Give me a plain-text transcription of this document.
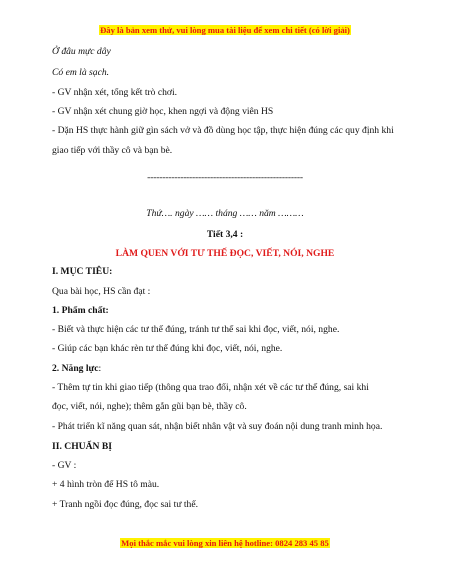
Đây là bản xem thử, vui lòng mua tài liệu để xem chi tiết (có lời giải)
Ở đâu mực dây
Có em là sạch.
- GV nhận xét, tổng kết trò chơi.
- GV nhận xét chung giờ học, khen ngợi và động viên HS
- Dặn HS thực hành giữ gìn sách vở và đồ dùng học tập, thực hiện đúng các quy định khi
giao tiếp với thầy cô và bạn bè.
----------------------------------------------------
Thứ…. ngày …… tháng …… năm ………
Tiết 3,4 :
LÀM QUEN VỚI TƯ THẾ ĐỌC, VIẾT, NÓI, NGHE
I. MỤC TIÊU:
Qua bài học, HS cần đạt :
1. Phẩm chất:
- Biết và thực hiện các tư thế đúng, tránh tư thế sai khi đọc, viết, nói, nghe.
- Giúp các bạn khác rèn tư thế đúng khi đọc, viết, nói, nghe.
2. Năng lực:
- Thêm tự tin khi giao tiếp (thông qua trao đổi, nhận xét về các tư thế đúng, sai khi
đọc, viết, nói, nghe); thêm gắn gũi bạn bè, thầy cô.
- Phát triển kĩ năng quan sát, nhận biết nhân vật và suy đoán nội dung tranh minh họa.
II. CHUẨN BỊ
- GV :
+ 4 hình tròn để HS tô màu.
+ Tranh ngồi đọc đúng, đọc sai tư thế.
Mọi thắc mắc vui lòng xin liên hệ hotline: 0824 283 45 85
